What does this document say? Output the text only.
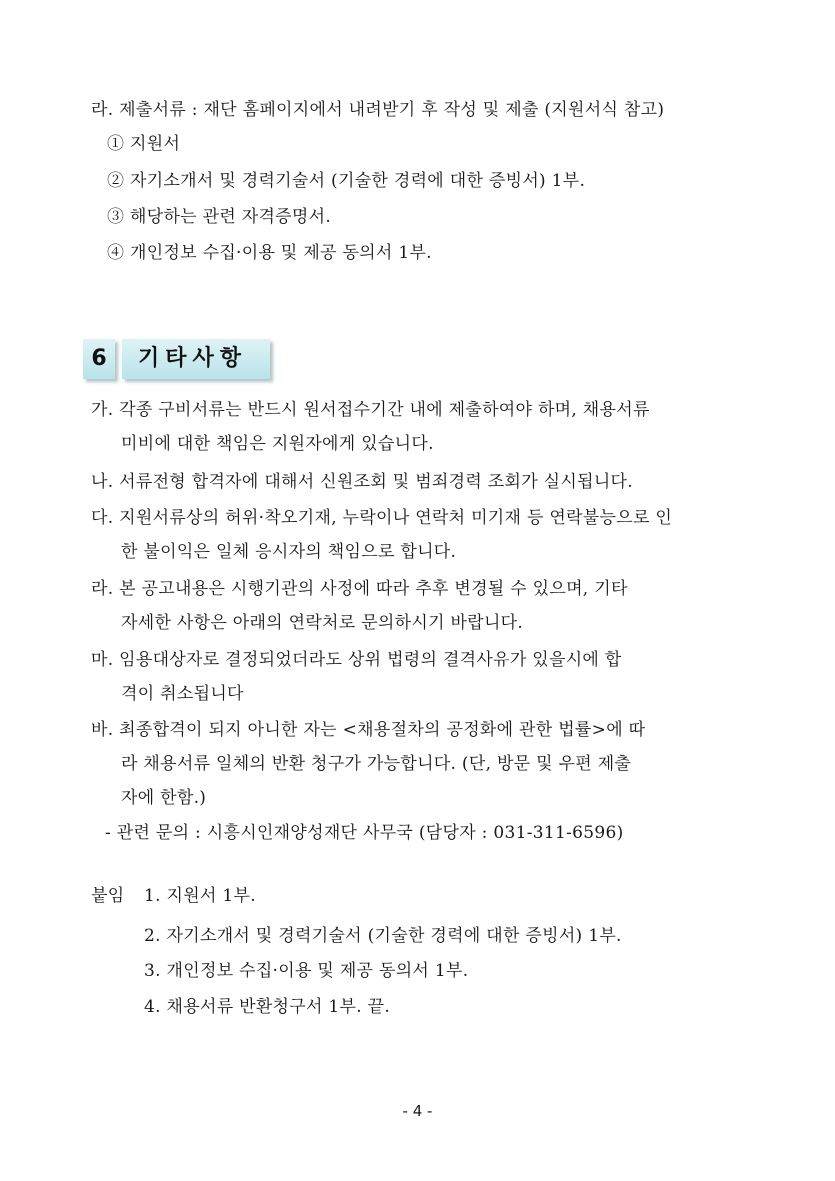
라. 제출서류 : 재단 홈페이지에서 내려받기 후 작성 및 제출 (지원서식 참고)
① 지원서
② 자기소개서 및 경력기술서 (기술한 경력에 대한 증빙서) 1부.
③ 해당하는 관련 자격증명서.
④ 개인정보 수집·이용 및 제공 동의서 1부.
6	기타사항
가. 각종 구비서류는 반드시 원서접수기간 내에 제출하여야 하며, 채용서류
미비에 대한 책임은 지원자에게 있습니다.
나. 서류전형 합격자에 대해서 신원조회 및 범죄경력 조회가 실시됩니다.
다. 지원서류상의 허위·착오기재, 누락이나 연락처 미기재 등 연락불능으로 인
한 불이익은 일체 응시자의 책임으로 합니다.
라. 본 공고내용은 시행기관의 사정에 따라 추후 변경될 수 있으며, 기타
자세한 사항은 아래의 연락처로 문의하시기 바랍니다.
마. 임용대상자로 결정되었더라도 상위 법령의 결격사유가 있을시에 합
격이 취소됩니다
바. 최종합격이 되지 아니한 자는 <채용절차의 공정화에 관한 법률>에 따
라 채용서류 일체의 반환 청구가 가능합니다. (단, 방문 및 우편 제출
자에 한함.)
- 관련 문의 : 시흥시인재양성재단 사무국 (담당자 : 031-311-6596)
붙임 1. 지원서 1부.
2. 자기소개서 및 경력기술서 (기술한 경력에 대한 증빙서) 1부.
3. 개인정보 수집·이용 및 제공 동의서 1부.
4. 채용서류 반환청구서 1부. 끝.
- 4 -
